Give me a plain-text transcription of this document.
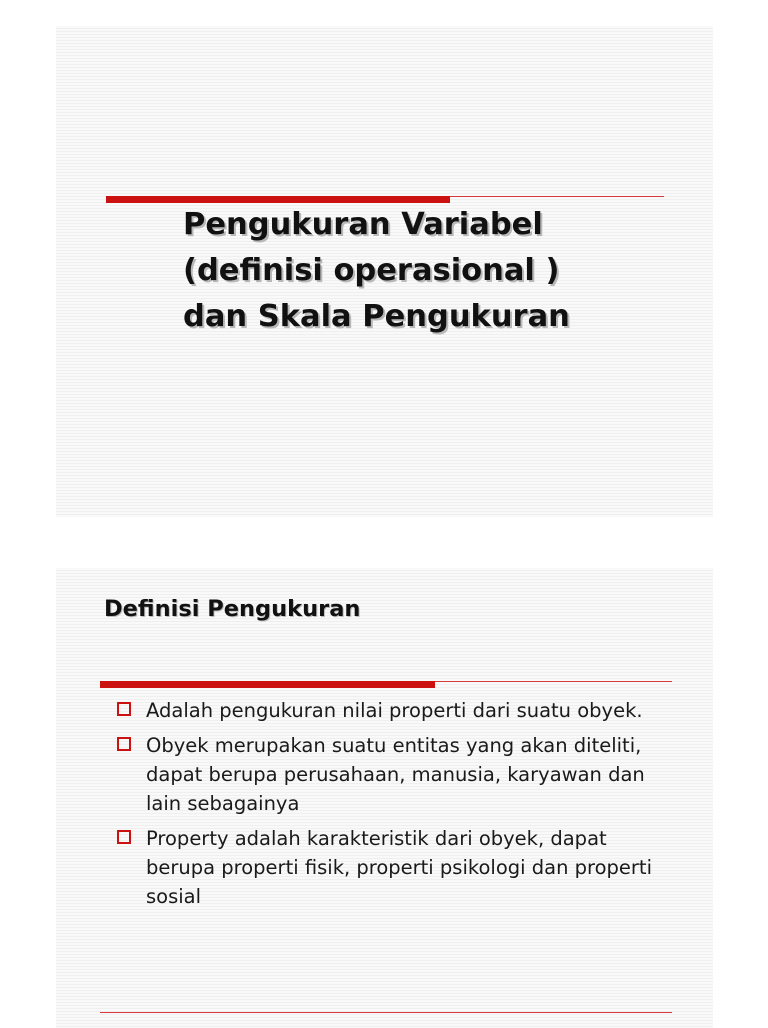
Pengukuran Variabel
(definisi operasional )
dan Skala Pengukuran
Definisi Pengukuran
Adalah pengukuran nilai properti dari suatu obyek.
Obyek merupakan suatu entitas yang akan diteliti, dapat berupa perusahaan, manusia, karyawan dan lain sebagainya
Property adalah karakteristik dari obyek, dapat berupa properti fisik, properti psikologi dan properti sosial
